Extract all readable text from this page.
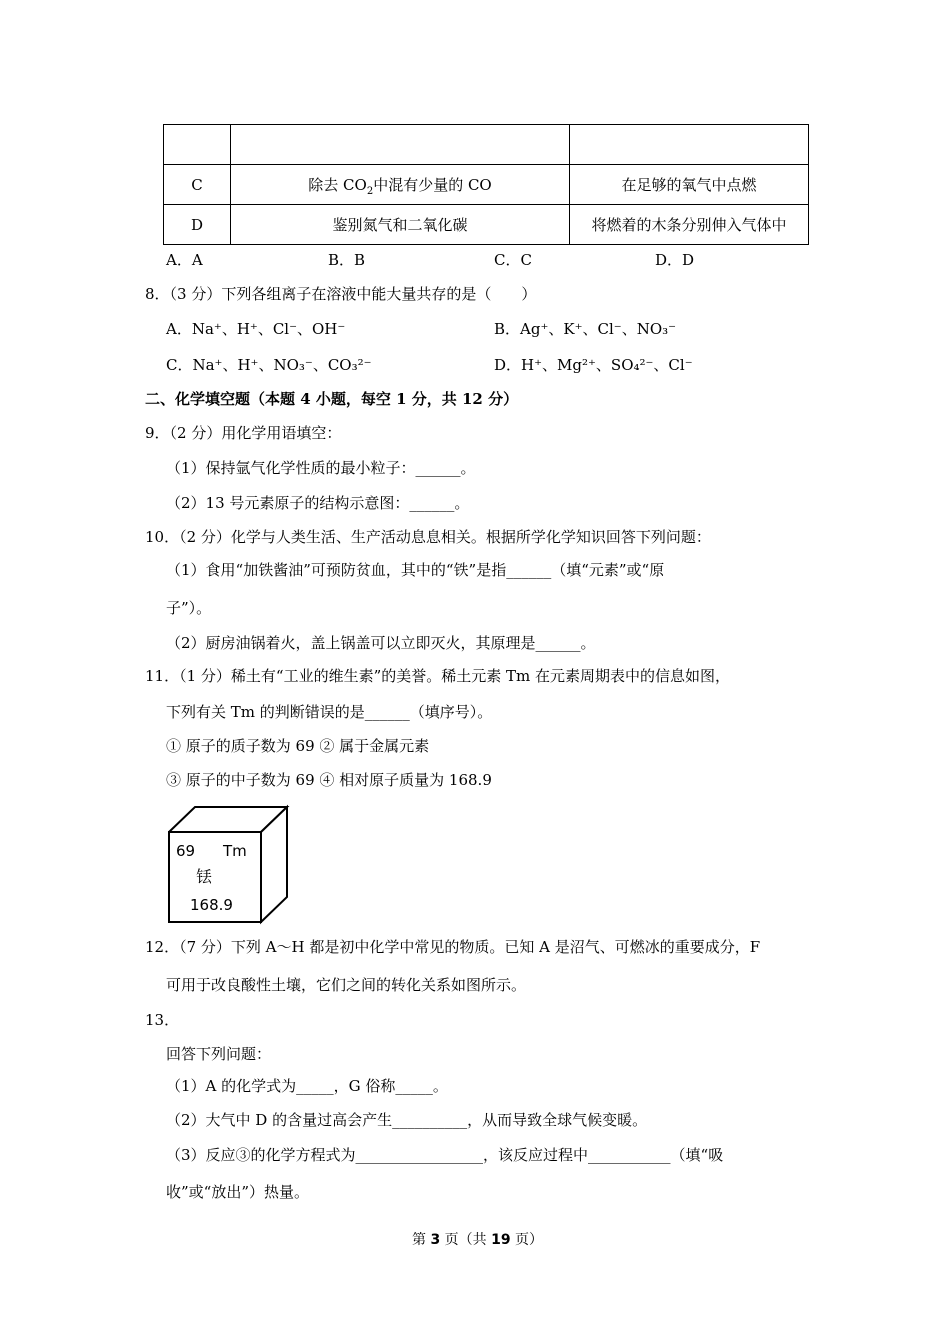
C	除去 $CO_2$中混有少量的 CO	在足够的氧气中点燃
D	鉴别氮气和二氧化碳	将燃着的木条分别伸入气体中
A．A	B．B	C．C	D．D
8．（3 分）下列各组离子在溶液中能大量共存的是（　　）
A．Na⁺、H⁺、Cl⁻、OH⁻	B．Ag⁺、K⁺、Cl⁻、NO₃⁻
C．Na⁺、H⁺、NO₃⁻、CO₃²⁻	D．H⁺、Mg²⁺、SO₄²⁻、Cl⁻
二、化学填空题（本题 4 小题，每空 1 分，共 12 分）
9．（2 分）用化学用语填空：
（1）保持氩气化学性质的最小粒子：______。
（2）13 号元素原子的结构示意图：______。
10．（2 分）化学与人类生活、生产活动息息相关。根据所学化学知识回答下列问题：
（1）食用“加铁酱油”可预防贫血，其中的“铁”是指______（填“元素”或“原
子”）。
（2）厨房油锅着火，盖上锅盖可以立即灭火，其原理是______。
11．（1 分）稀土有“工业的维生素”的美誉。稀土元素 Tm 在元素周期表中的信息如图，
下列有关 Tm 的判断错误的是______（填序号）。
① 原子的质子数为 69 ② 属于金属元素
③ 原子的中子数为 69 ④ 相对原子质量为 168.9
69 Tm
铥
168.9
12．（7 分）下列 A～H 都是初中化学中常见的物质。已知 A 是沼气、可燃冰的重要成分，F
可用于改良酸性土壤，它们之间的转化关系如图所示。
13．
回答下列问题：
（1）A 的化学式为_____，G 俗称_____。
（2）大气中 D 的含量过高会产生__________，从而导致全球气候变暖。
（3）反应③的化学方程式为_________________，该反应过程中___________（填“吸
收”或“放出”）热量。
第 3 页（共 19 页）
